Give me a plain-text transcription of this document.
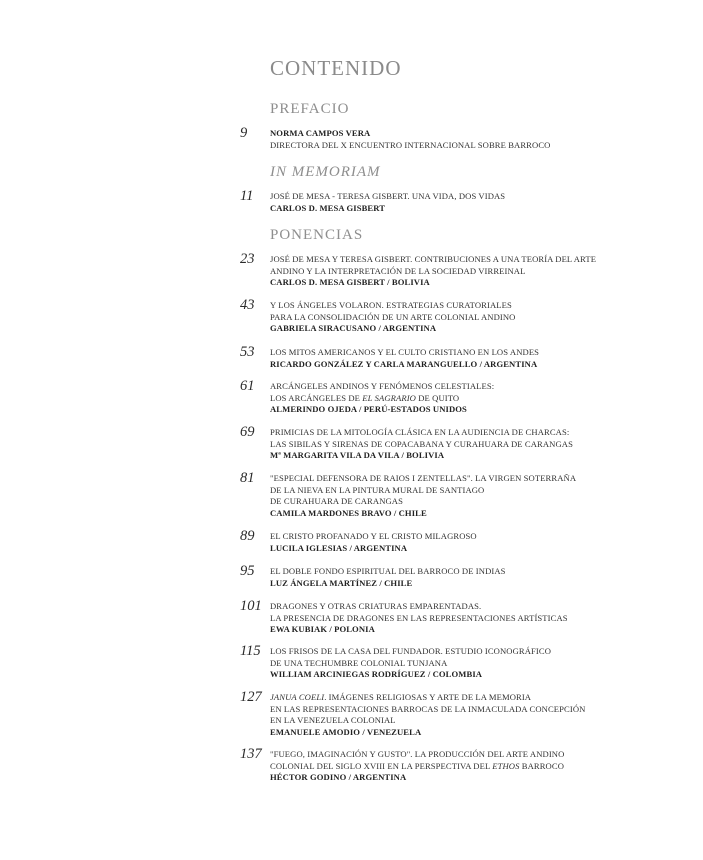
CONTENIDO
PREFACIO
9	NORMA CAMPOS VERA
DIRECTORA DEL X ENCUENTRO INTERNACIONAL SOBRE BARROCO
IN MEMORIAM
11 JOSÉ DE MESA - TERESA GISBERT. UNA VIDA, DOS VIDAS
CARLOS D. MESA GISBERT
PONENCIAS
23 JOSÉ DE MESA Y TERESA GISBERT. CONTRIBUCIONES A UNA TEORÍA DEL ARTE
ANDINO Y LA INTERPRETACIÓN DE LA SOCIEDAD VIRREINAL
CARLOS D. MESA GISBERT / BOLIVIA
43 Y LOS ÁNGELES VOLARON. ESTRATEGIAS CURATORIALES
PARA LA CONSOLIDACIÓN DE UN ARTE COLONIAL ANDINO
GABRIELA SIRACUSANO / ARGENTINA
53 LOS MITOS AMERICANOS Y EL CULTO CRISTIANO EN LOS ANDES
RICARDO GONZÁLEZ Y CARLA MARANGUELLO / ARGENTINA
61 ARCÁNGELES ANDINOS Y FENÓMENOS CELESTIALES:
LOS ARCÁNGELES DE EL SAGRARIO DE QUITO
ALMERINDO OJEDA / PERÚ-ESTADOS UNIDOS
69 PRIMICIAS DE LA MITOLOGÍA CLÁSICA EN LA AUDIENCIA DE CHARCAS:
LAS SIBILAS Y SIRENAS DE COPACABANA Y CURAHUARA DE CARANGAS
Mª MARGARITA VILA DA VILA / BOLIVIA
81 "ESPECIAL DEFENSORA DE RAIOS I ZENTELLAS". LA VIRGEN SOTERRAÑA
DE LA NIEVA EN LA PINTURA MURAL DE SANTIAGO
DE CURAHUARA DE CARANGAS
CAMILA MARDONES BRAVO / CHILE
89 EL CRISTO PROFANADO Y EL CRISTO MILAGROSO
LUCILA IGLESIAS / ARGENTINA
95 EL DOBLE FONDO ESPIRITUAL DEL BARROCO DE INDIAS
LUZ ÁNGELA MARTÍNEZ / CHILE
101 DRAGONES Y OTRAS CRIATURAS EMPARENTADAS.
LA PRESENCIA DE DRAGONES EN LAS REPRESENTACIONES ARTÍSTICAS
EWA KUBIAK / POLONIA
115 LOS FRISOS DE LA CASA DEL FUNDADOR. ESTUDIO ICONOGRÁFICO
DE UNA TECHUMBRE COLONIAL TUNJANA
WILLIAM ARCINIEGAS RODRÍGUEZ / COLOMBIA
127 JANUA COELI. IMÁGENES RELIGIOSAS Y ARTE DE LA MEMORIA
EN LAS REPRESENTACIONES BARROCAS DE LA INMACULADA CONCEPCIÓN
EN LA VENEZUELA COLONIAL
EMANUELE AMODIO / VENEZUELA
137 "FUEGO, IMAGINACIÓN Y GUSTO". LA PRODUCCIÓN DEL ARTE ANDINO
COLONIAL DEL SIGLO XVIII EN LA PERSPECTIVA DEL ETHOS BARROCO
HÉCTOR GODINO / ARGENTINA
